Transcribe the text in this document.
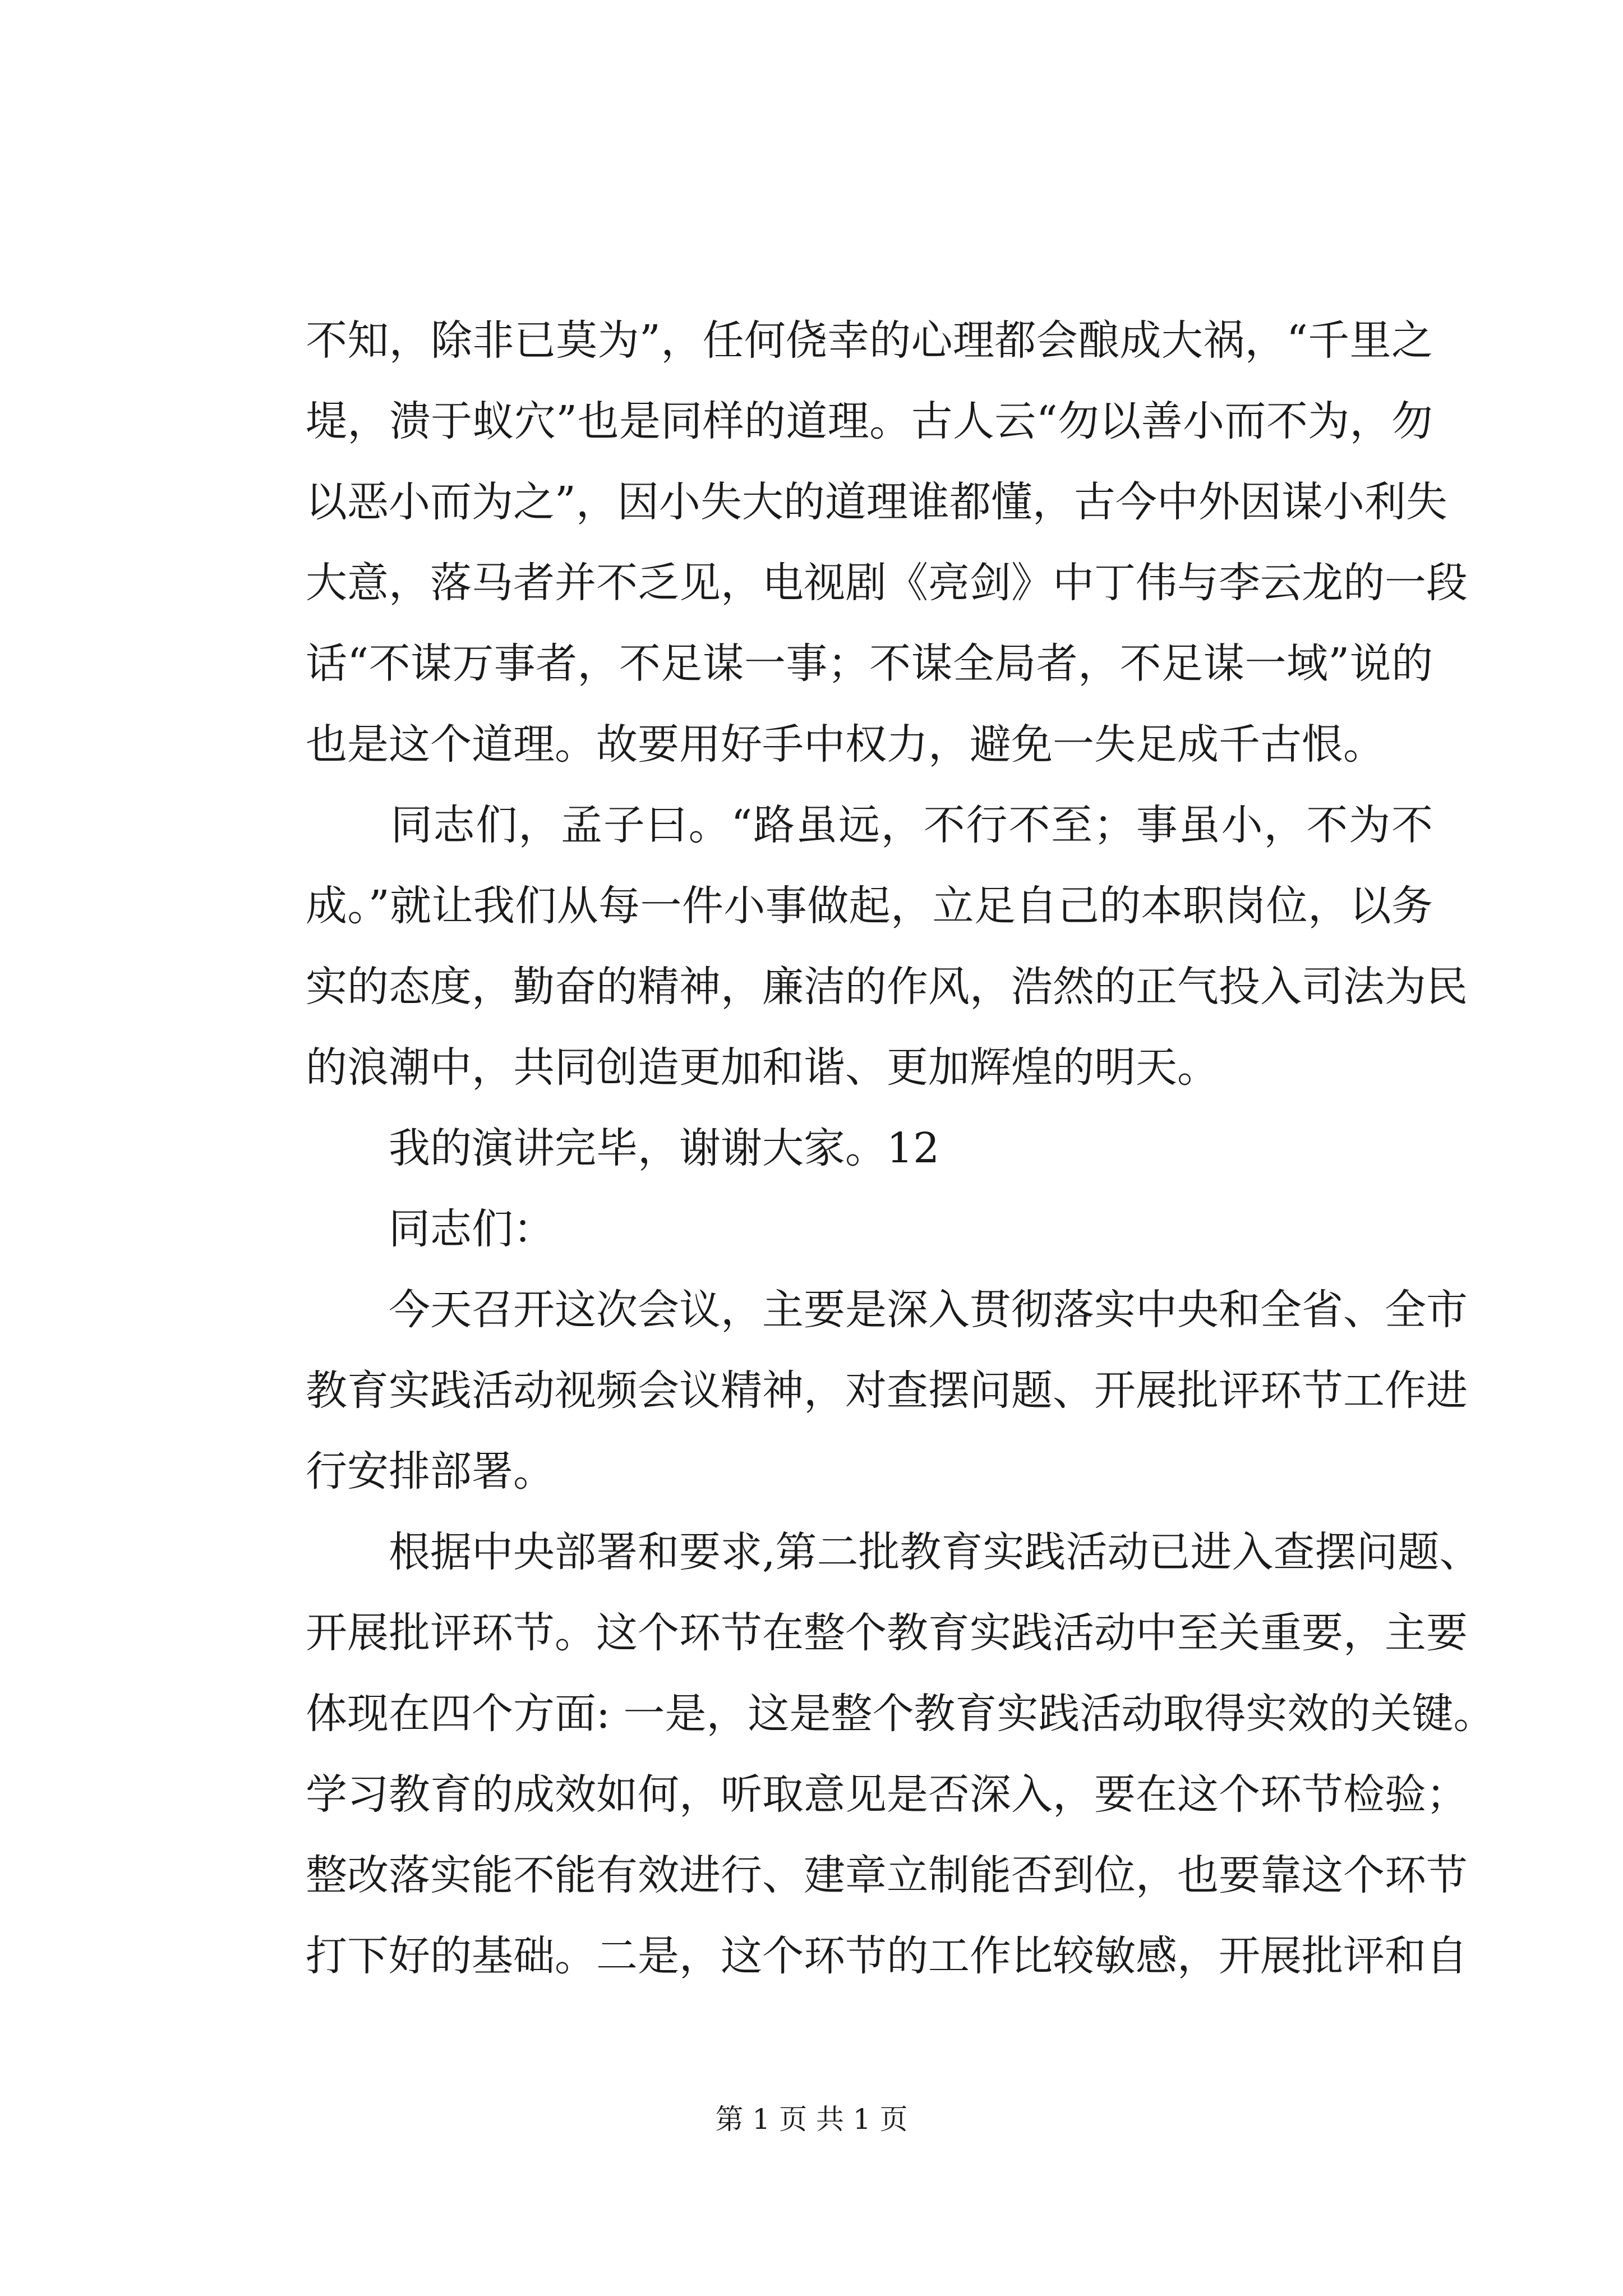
不知，除非已莫为”，任何侥幸的心理都会酿成大祸，“千里之
堤，溃于蚁穴”也是同样的道理。古人云“勿以善小而不为，勿
以恶小而为之”，因小失大的道理谁都懂，古今中外因谋小利失
大意，落马者并不乏见，电视剧《亮剑》中丁伟与李云龙的一段
话“不谋万事者，不足谋一事；不谋全局者，不足谋一域”说的
也是这个道理。故要用好手中权力，避免一失足成千古恨。
　　同志们，孟子曰。“路虽远，不行不至；事虽小，不为不
成。”就让我们从每一件小事做起，立足自己的本职岗位，以务
实的态度，勤奋的精神，廉洁的作风，浩然的正气投入司法为民
的浪潮中，共同创造更加和谐、更加辉煌的明天。
　　我的演讲完毕，谢谢大家。12
　　同志们：
　　今天召开这次会议，主要是深入贯彻落实中央和全省、全市
教育实践活动视频会议精神，对查摆问题、开展批评环节工作进
行安排部署。
　　根据中央部署和要求,第二批教育实践活动已进入查摆问题、
开展批评环节。这个环节在整个教育实践活动中至关重要，主要
体现在四个方面: 一是，这是整个教育实践活动取得实效的关键。
学习教育的成效如何，听取意见是否深入，要在这个环节检验；
整改落实能不能有效进行、建章立制能否到位，也要靠这个环节
打下好的基础。二是，这个环节的工作比较敏感，开展批评和自
第 1 页 共 1 页
